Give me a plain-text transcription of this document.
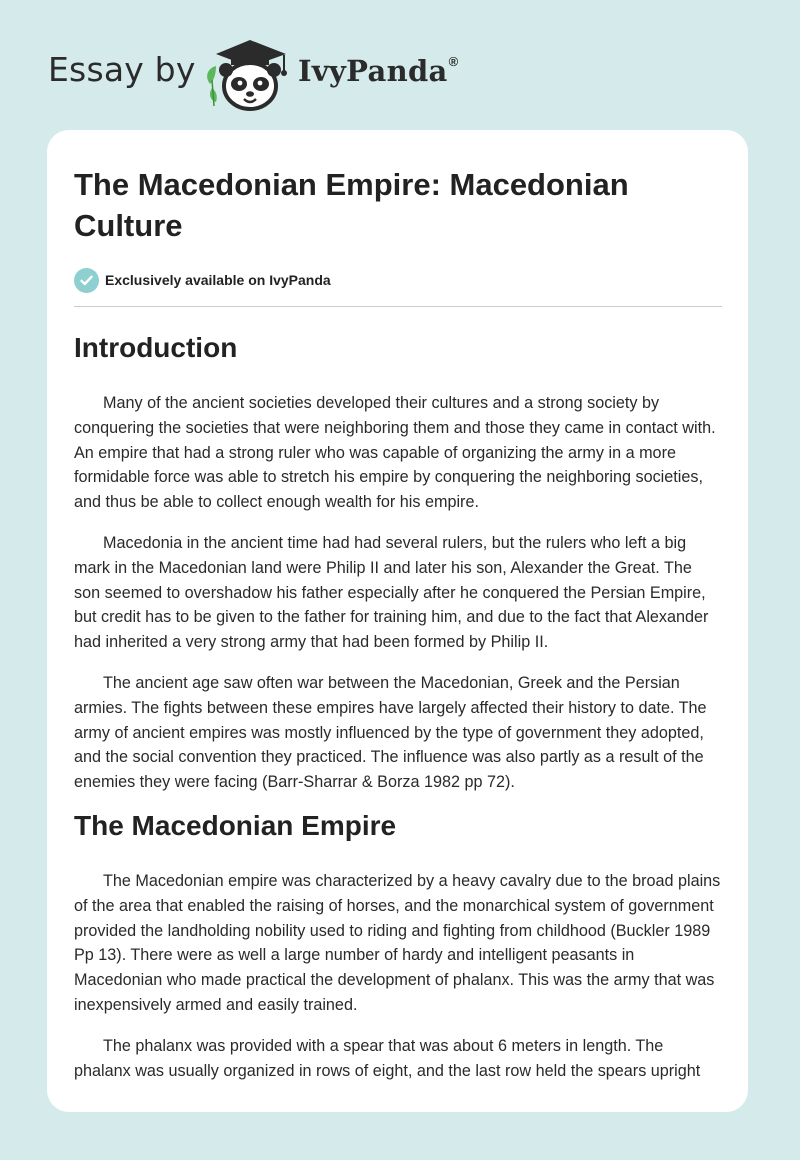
Essay by	IvyPanda®
The Macedonian Empire: Macedonian Culture
Exclusively available on IvyPanda
Introduction

Many of the ancient societies developed their cultures and a strong society by conquering the societies that were neighboring them and those they came in contact with. An empire that had a strong ruler who was capable of organizing the army in a more formidable force was able to stretch his empire by conquering the neighboring societies, and thus be able to collect enough wealth for his empire.

Macedonia in the ancient time had had several rulers, but the rulers who left a big mark in the Macedonian land were Philip II and later his son, Alexander the Great. The son seemed to overshadow his father especially after he conquered the Persian Empire, but credit has to be given to the father for training him, and due to the fact that Alexander had inherited a very strong army that had been formed by Philip II.

The ancient age saw often war between the Macedonian, Greek and the Persian armies. The fights between these empires have largely affected their history to date. The army of ancient empires was mostly influenced by the type of government they adopted, and the social convention they practiced. The influence was also partly as a result of the enemies they were facing (Barr-Sharrar & Borza 1982 pp 72).

The Macedonian Empire

The Macedonian empire was characterized by a heavy cavalry due to the broad plains of the area that enabled the raising of horses, and the monarchical system of government provided the landholding nobility used to riding and fighting from childhood (Buckler 1989 Pp 13). There were as well a large number of hardy and intelligent peasants in Macedonian who made practical the development of phalanx. This was the army that was inexpensively armed and easily trained.

The phalanx was provided with a spear that was about 6 meters in length. The phalanx was usually organized in rows of eight, and the last row held the spears upright
